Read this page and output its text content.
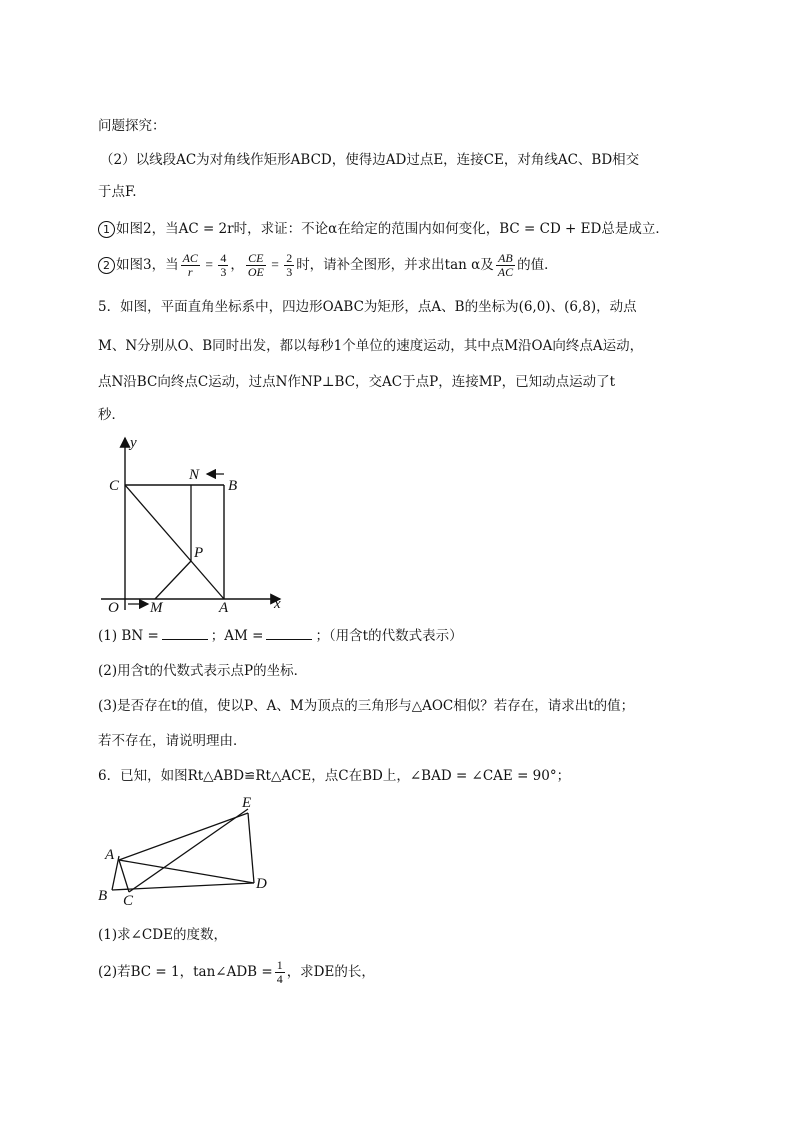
问题探究：
（2）以线段AC为对角线作矩形ABCD，使得边AD过点E，连接CE，对角线AC、BD相交
于点F.
1 如图2，当AC = 2r时，求证：不论α在给定的范围内如何变化，BC = CD + ED总是成立．
2 如图3，当 $\frac{AC}{r} = \frac{4}{3}$ ， $\frac{CE}{OE} = \frac{2}{3}$ 时，请补全图形，并求出tan α及 $\frac{AB}{AC}$ 的值．
5．如图，平面直角坐标系中，四边形OABC为矩形，点A、B的坐标为(6,0)、(6,8)，动点
M、N分别从O、B同时出发，都以每秒1个单位的速度运动，其中点M沿OA向终点A运动，
点N沿BC向终点C运动，过点N作NP⊥BC，交AC于点P，连接MP，已知动点运动了t
秒．
y
x
C
N
B
P
O M	A
(1) BN =	；AM =	；（用含t的代数式表示）
(2)用含t的代数式表示点P的坐标．
(3)是否存在t的值，使以P、A、M为顶点的三角形与△AOC相似？若存在，请求出t的值；
若不存在，请说明理由．
6．已知，如图Rt△ABD≌Rt△ACE，点C在BD上，∠BAD = ∠CAE = 90°；
E
A
B C
D
(1)求∠CDE的度数，
(2)若BC = 1，tan∠ADB = $\frac{1}{4}$ ，求DE的长，
